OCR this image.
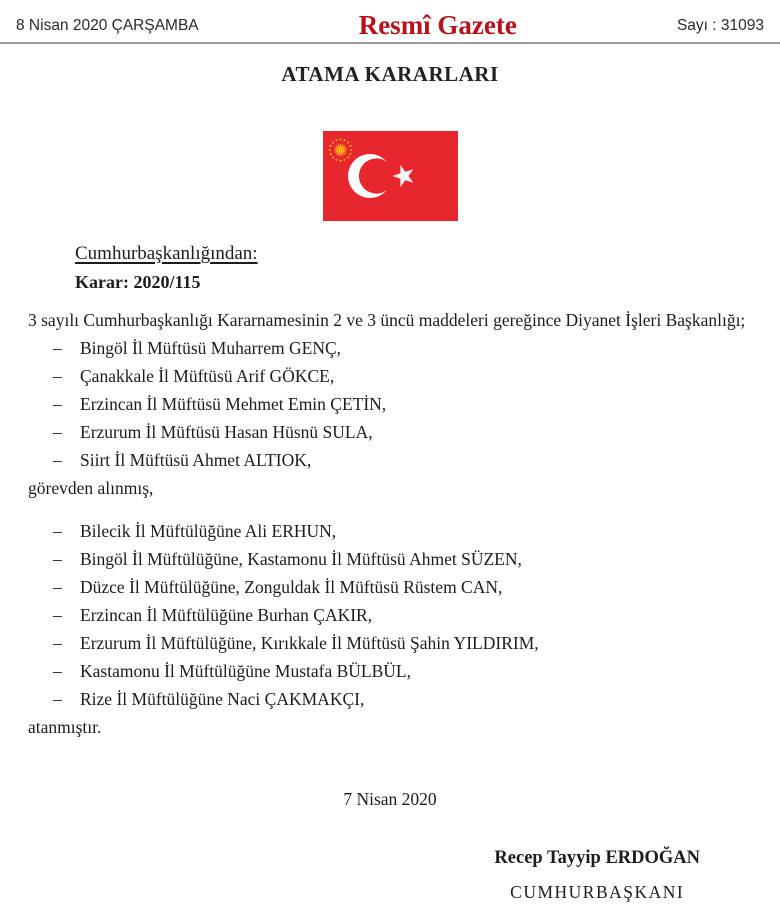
8 Nisan 2020 ÇARŞAMBA	Resmî Gazete	Sayı : 31093
ATAMA KARARLARI
Cumhurbaşkanlığından:
Karar: 2020/115

3 sayılı Cumhurbaşkanlığı Kararnamesinin 2 ve 3 üncü maddeleri gereğince Diyanet İşleri Başkanlığı;

– Bingöl İl Müftüsü Muharrem GENÇ,
– Çanakkale İl Müftüsü Arif GÖKCE,
– Erzincan İl Müftüsü Mehmet Emin ÇETİN,
– Erzurum İl Müftüsü Hasan Hüsnü SULA,
– Siirt İl Müftüsü Ahmet ALTIOK,

görevden alınmış,

– Bilecik İl Müftülüğüne Ali ERHUN,
– Bingöl İl Müftülüğüne, Kastamonu İl Müftüsü Ahmet SÜZEN,
– Düzce İl Müftülüğüne, Zonguldak İl Müftüsü Rüstem CAN,
– Erzincan İl Müftülüğüne Burhan ÇAKIR,
– Erzurum İl Müftülüğüne, Kırıkkale İl Müftüsü Şahin YILDIRIM,
– Kastamonu İl Müftülüğüne Mustafa BÜLBÜL,
– Rize İl Müftülüğüne Naci ÇAKMAKÇI,

atanmıştır.

7 Nisan 2020

Recep Tayyip ERDOĞAN
CUMHURBAŞKANI
